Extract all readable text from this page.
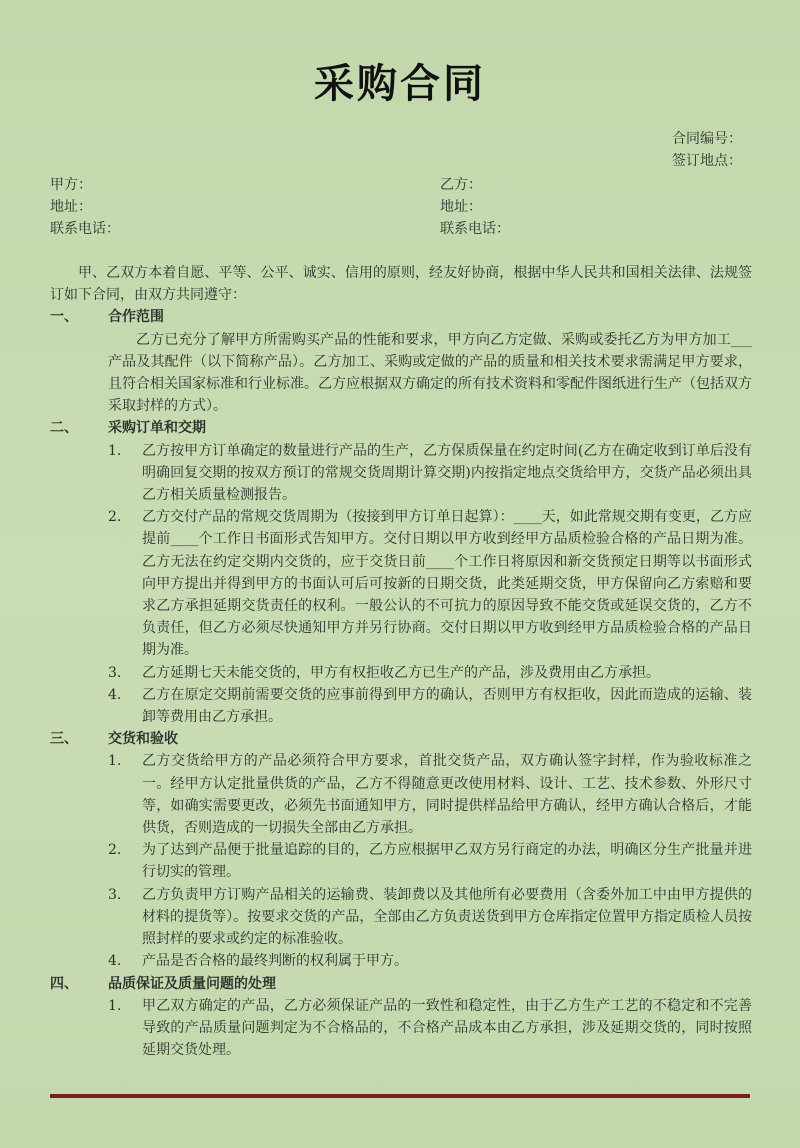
采购合同
合同编号：
签订地点：
甲方：
地址：
联系电话：
乙方：
地址：
联系电话：

甲、乙双方本着自愿、平等、公平、诚实、信用的原则，经友好协商，根据中华人民共和国相关法律、法规签订如下合同，由双方共同遵守：

一、	合作范围

乙方已充分了解甲方所需购买产品的性能和要求，甲方向乙方定做、采购或委托乙方为甲方加工___产品及其配件（以下简称产品）。乙方加工、采购或定做的产品的质量和相关技术要求需满足甲方要求，且符合相关国家标准和行业标准。乙方应根据双方确定的所有技术资料和零配件图纸进行生产（包括双方采取封样的方式）。

二、	采购订单和交期
1.	乙方按甲方订单确定的数量进行产品的生产，乙方保质保量在约定时间(乙方在确定收到订单后没有明确回复交期的按双方预订的常规交货周期计算交期)内按指定地点交货给甲方，交货产品必须出具乙方相关质量检测报告。
2.	乙方交付产品的常规交货周期为（按接到甲方订单日起算）：____天，如此常规交期有变更，乙方应提前____个工作日书面形式告知甲方。交付日期以甲方收到经甲方品质检验合格的产品日期为准。乙方无法在约定交期内交货的，应于交货日前____个工作日将原因和新交货预定日期等以书面形式向甲方提出并得到甲方的书面认可后可按新的日期交货，此类延期交货，甲方保留向乙方索赔和要求乙方承担延期交货责任的权利。一般公认的不可抗力的原因导致不能交货或延误交货的，乙方不负责任，但乙方必须尽快通知甲方并另行协商。交付日期以甲方收到经甲方品质检验合格的产品日期为准。
3.	乙方延期七天未能交货的，甲方有权拒收乙方已生产的产品，涉及费用由乙方承担。
4.	乙方在原定交期前需要交货的应事前得到甲方的确认，否则甲方有权拒收，因此而造成的运输、装卸等费用由乙方承担。
三、	交货和验收
1.	乙方交货给甲方的产品必须符合甲方要求，首批交货产品，双方确认签字封样，作为验收标准之一。经甲方认定批量供货的产品，乙方不得随意更改使用材料、设计、工艺、技术参数、外形尺寸等，如确实需要更改，必须先书面通知甲方，同时提供样品给甲方确认，经甲方确认合格后，才能供货，否则造成的一切损失全部由乙方承担。
2.	为了达到产品便于批量追踪的目的，乙方应根据甲乙双方另行商定的办法，明确区分生产批量并进行切实的管理。
3.	乙方负责甲方订购产品相关的运输费、装卸费以及其他所有必要费用（含委外加工中由甲方提供的材料的提货等）。按要求交货的产品，全部由乙方负责送货到甲方仓库指定位置甲方指定质检人员按照封样的要求或约定的标准验收。
4.	产品是否合格的最终判断的权利属于甲方。
四、	品质保证及质量问题的处理
1.	甲乙双方确定的产品，乙方必须保证产品的一致性和稳定性，由于乙方生产工艺的不稳定和不完善导致的产品质量问题判定为不合格品的，不合格产品成本由乙方承担，涉及延期交货的，同时按照延期交货处理。
